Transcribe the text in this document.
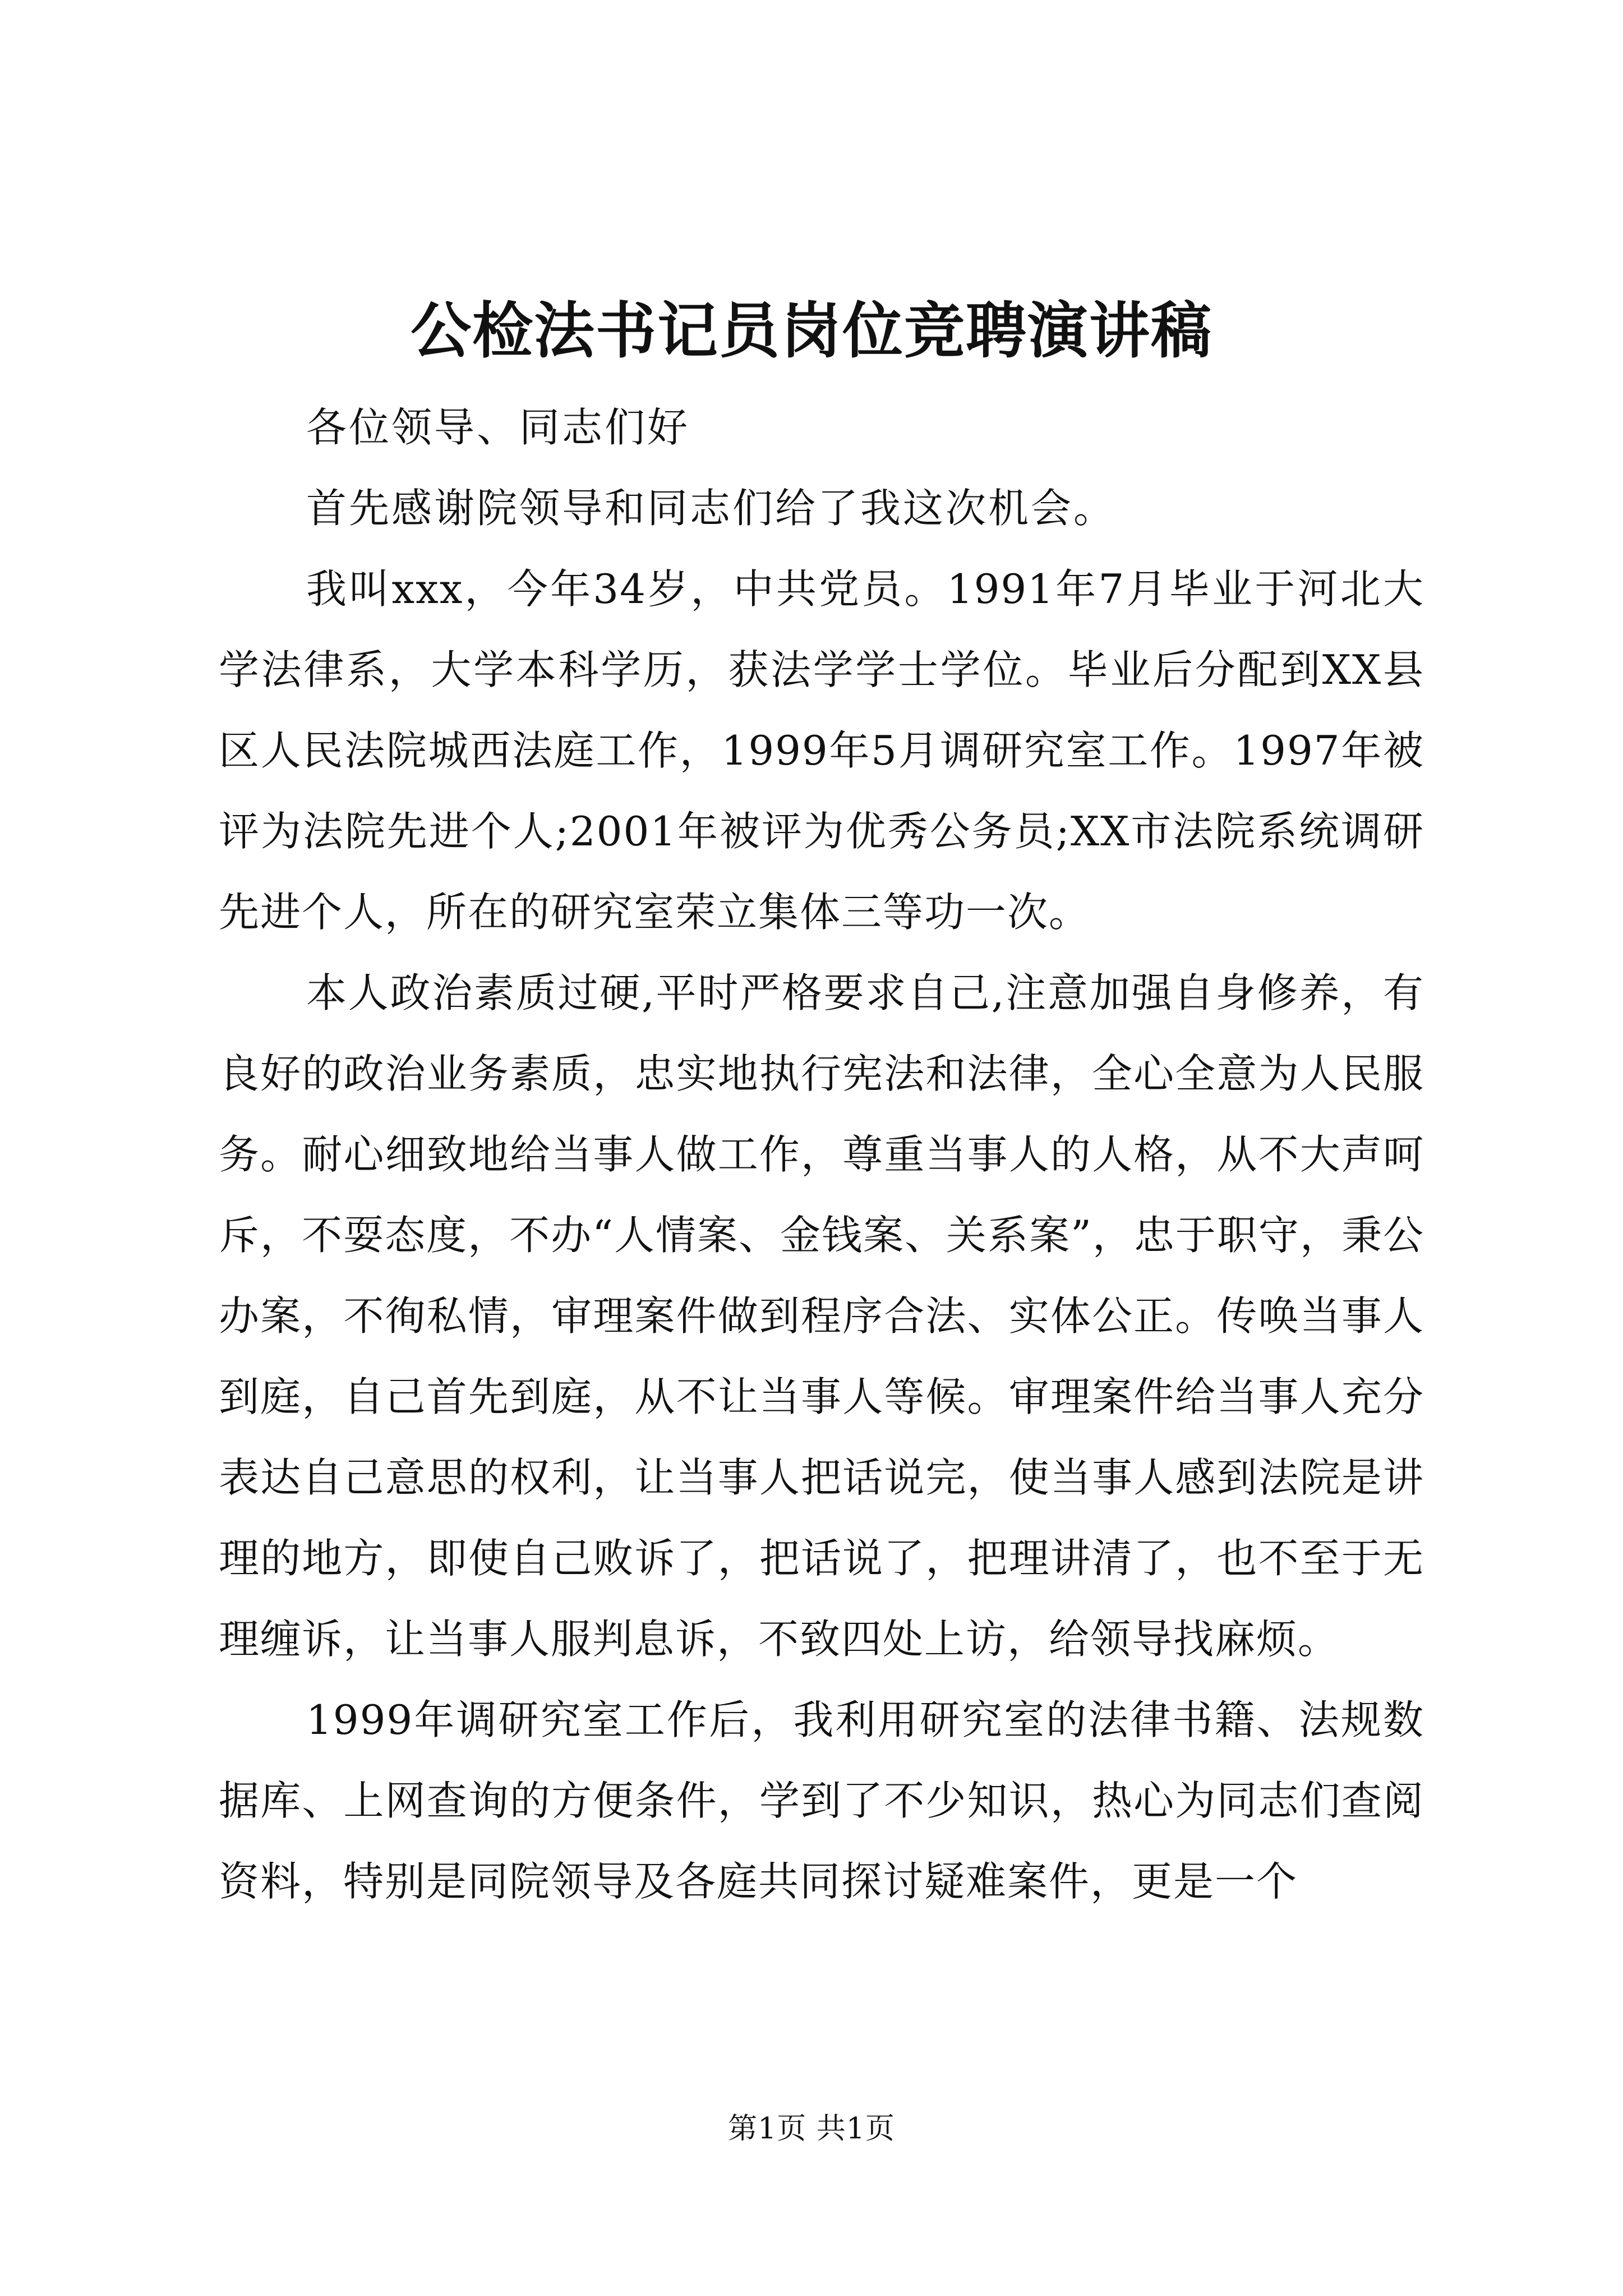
公检法书记员岗位竞聘演讲稿

各位领导、同志们好

首先感谢院领导和同志们给了我这次机会。

我叫xxx，今年34岁，中共党员。1991年7月毕业于河北大学法律系，大学本科学历，获法学学士学位。毕业后分配到XX县区人民法院城西法庭工作，1999年5月调研究室工作。1997年被评为法院先进个人;2001年被评为优秀公务员;XX市法院系统调研先进个人，所在的研究室荣立集体三等功一次。

本人政治素质过硬,平时严格要求自己,注意加强自身修养，有良好的政治业务素质，忠实地执行宪法和法律，全心全意为人民服务。耐心细致地给当事人做工作，尊重当事人的人格，从不大声呵斥，不耍态度，不办“人情案、金钱案、关系案”，忠于职守，秉公办案，不徇私情，审理案件做到程序合法、实体公正。传唤当事人到庭，自己首先到庭，从不让当事人等候。审理案件给当事人充分表达自己意思的权利，让当事人把话说完，使当事人感到法院是讲理的地方，即使自己败诉了，把话说了，把理讲清了，也不至于无理缠诉，让当事人服判息诉，不致四处上访，给领导找麻烦。

1999年调研究室工作后，我利用研究室的法律书籍、法规数据库、上网查询的方便条件，学到了不少知识，热心为同志们查阅资料，特别是同院领导及各庭共同探讨疑难案件，更是一个

第1页 共1页
